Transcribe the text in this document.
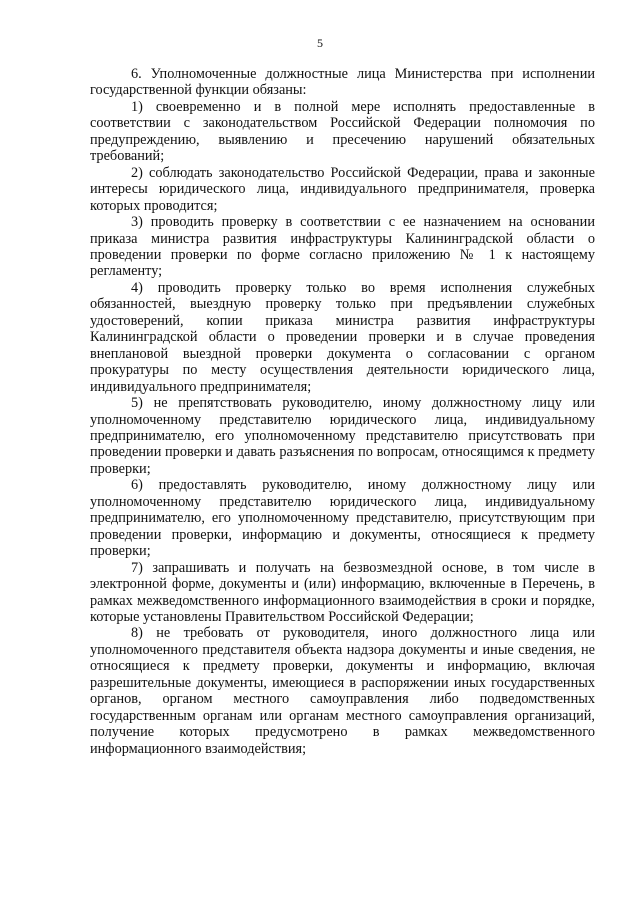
5

6. Уполномоченные должностные лица Министерства при исполнении государственной функции обязаны:

1) своевременно и в полной мере исполнять предоставленные в соответствии с законодательством Российской Федерации полномочия по предупреждению, выявлению и пресечению нарушений обязательных требований;

2) соблюдать законодательство Российской Федерации, права и законные интересы юридического лица, индивидуального предпринимателя, проверка которых проводится;

3) проводить проверку в соответствии с ее назначением на основании приказа министра развития инфраструктуры Калининградской области о проведении проверки по форме согласно приложению № 1 к настоящему регламенту;

4) проводить проверку только во время исполнения служебных обязанностей, выездную проверку только при предъявлении служебных удостоверений, копии приказа министра развития инфраструктуры Калининградской области о проведении проверки и в случае проведения внеплановой выездной проверки документа о согласовании с органом прокуратуры по месту осуществления деятельности юридического лица, индивидуального предпринимателя;

5) не препятствовать руководителю, иному должностному лицу или уполномоченному представителю юридического лица, индивидуальному предпринимателю, его уполномоченному представителю присутствовать при проведении проверки и давать разъяснения по вопросам, относящимся к предмету проверки;

6) предоставлять руководителю, иному должностному лицу или уполномоченному представителю юридического лица, индивидуальному предпринимателю, его уполномоченному представителю, присутствующим при проведении проверки, информацию и документы, относящиеся к предмету проверки;

7) запрашивать и получать на безвозмездной основе, в том числе в электронной форме, документы и (или) информацию, включенные в Перечень, в рамках межведомственного информационного взаимодействия в сроки и порядке, которые установлены Правительством Российской Федерации;

8) не требовать от руководителя, иного должностного лица или уполномоченного представителя объекта надзора документы и иные сведения, не относящиеся к предмету проверки, документы и информацию, включая разрешительные документы, имеющиеся в распоряжении иных государственных органов, органом местного самоуправления либо подведомственных государственным органам или органам местного самоуправления организаций, получение которых предусмотрено в рамках межведомственного информационного взаимодействия;
